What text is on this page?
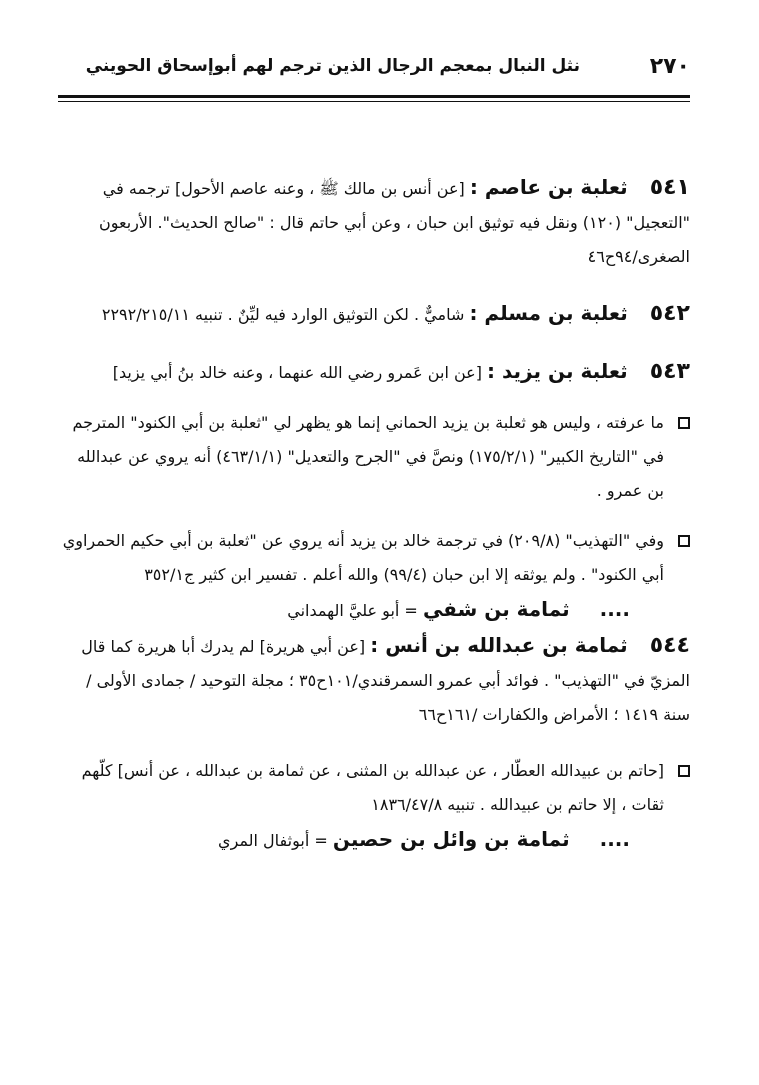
٢٧٠
نثل النبال بمعجم الرجال الذين ترجم لهم أبوإسحاق الحويني

٥٤١ثعلبة بن عاصم : [عن أنس بن مالك ﷺ ، وعنه عاصم الأحول] ترجمه في "التعجيل" (١٢٠) ونقل فيه توثيق ابن حبان ، وعن أبي حاتم قال : "صالح الحديث". الأربعون الصغرى/٩٤ح٤٦

٥٤٢ثعلبة بن مسلم : شاميٌّ . لكن التوثيق الوارد فيه ليِّنٌ . تنبيه ٢٢٩٢/٢١٥/١١

٥٤٣ثعلبة بن يزيد : [عن ابن عَمرو رضي الله عنهما ، وعنه خالد بنُ أبي يزيد]

ما عرفته ، وليس هو ثعلبة بن يزيد الحماني إنما هو يظهر لي "ثعلبة بن أبي الكنود" المترجم في "التاريخ الكبير" (١٧٥/٢/١) ونصَّ في "الجرح والتعديل" (٤٦٣/١/١) أنه يروي عن عبدالله بن عمرو .

وفي "التهذيب" (٢٠٩/٨) في ترجمة خالد بن يزيد أنه يروي عن "ثعلبة بن أبي حكيم الحمراوي أبي الكنود" . ولم يوثقه إلا ابن حبان (٩٩/٤) والله أعلم . تفسير ابن كثير ج٣٥٢/١

....ثمامة بن شفي = أبو عليَّ الهمداني

٥٤٤ثمامة بن عبدالله بن أنس : [عن أبي هريرة] لم يدرك أبا هريرة كما قال المزيّ في "التهذيب" . فوائد أبي عمرو السمرقندي/١٠١ح٣٥ ؛ مجلة التوحيد / جمادى الأولى / سنة ١٤١٩ ؛ الأمراض والكفارات /١٦١ح٦٦

[حاتم بن عبيدالله العطّار ، عن عبدالله بن المثنى ، عن ثمامة بن عبدالله ، عن أنس] كلّهم ثقات ، إلا حاتم بن عبيدالله . تنبيه ١٨٣٦/٤٧/٨

....ثمامة بن وائل بن حصين = أبوثفال المري
